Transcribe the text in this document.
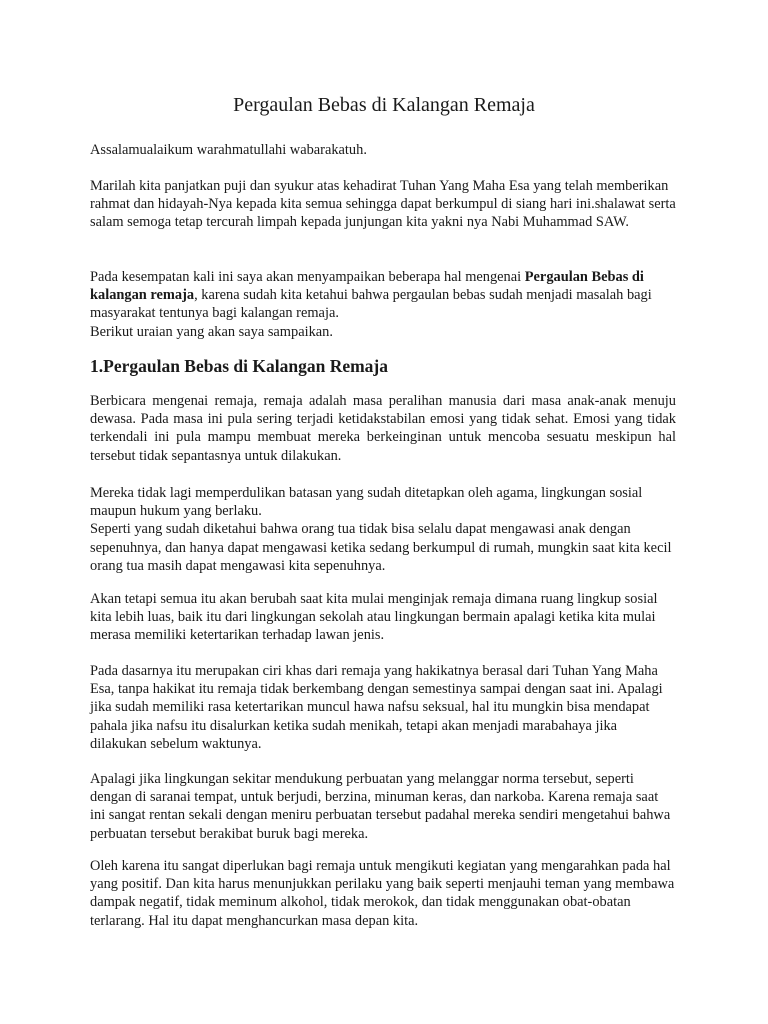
Pergaulan Bebas di Kalangan Remaja

Assalamualaikum warahmatullahi wabarakatuh.

Marilah kita panjatkan puji dan syukur atas kehadirat Tuhan Yang Maha Esa yang telah memberikan rahmat dan hidayah-Nya kepada kita semua sehingga dapat berkumpul di siang hari ini.shalawat serta salam semoga tetap tercurah limpah kepada junjungan kita yakni nya Nabi Muhammad SAW.

Pada kesempatan kali ini saya akan menyampaikan beberapa hal mengenai Pergaulan Bebas di kalangan remaja, karena sudah kita ketahui bahwa pergaulan bebas sudah menjadi masalah bagi masyarakat tentunya bagi kalangan remaja.
Berikut uraian yang akan saya sampaikan.

1.Pergaulan Bebas di Kalangan Remaja

Berbicara mengenai remaja, remaja adalah masa peralihan manusia dari masa anak-anak menuju dewasa. Pada masa ini pula sering terjadi ketidakstabilan emosi yang tidak sehat. Emosi yang tidak terkendali ini pula mampu membuat mereka berkeinginan untuk mencoba sesuatu meskipun hal tersebut tidak sepantasnya untuk dilakukan.

Mereka tidak lagi memperdulikan batasan yang sudah ditetapkan oleh agama, lingkungan sosial maupun hukum yang berlaku.
Seperti yang sudah diketahui bahwa orang tua tidak bisa selalu dapat mengawasi anak dengan sepenuhnya, dan hanya dapat mengawasi ketika sedang berkumpul di rumah, mungkin saat kita kecil orang tua masih dapat mengawasi kita sepenuhnya.

Akan tetapi semua itu akan berubah saat kita mulai menginjak remaja dimana ruang lingkup sosial kita lebih luas, baik itu dari lingkungan sekolah atau lingkungan bermain apalagi ketika kita mulai merasa memiliki ketertarikan terhadap lawan jenis.

Pada dasarnya itu merupakan ciri khas dari remaja yang hakikatnya berasal dari Tuhan Yang Maha Esa, tanpa hakikat itu remaja tidak berkembang dengan semestinya sampai dengan saat ini. Apalagi jika sudah memiliki rasa ketertarikan muncul hawa nafsu seksual, hal itu mungkin bisa mendapat pahala jika nafsu itu disalurkan ketika sudah menikah, tetapi akan menjadi marabahaya jika dilakukan sebelum waktunya.

Apalagi jika lingkungan sekitar mendukung perbuatan yang melanggar norma tersebut, seperti dengan di saranai tempat, untuk berjudi, berzina, minuman keras, dan narkoba. Karena remaja saat ini sangat rentan sekali dengan meniru perbuatan tersebut padahal mereka sendiri mengetahui bahwa perbuatan tersebut berakibat buruk bagi mereka.

Oleh karena itu sangat diperlukan bagi remaja untuk mengikuti kegiatan yang mengarahkan pada hal yang positif. Dan kita harus menunjukkan perilaku yang baik seperti menjauhi teman yang membawa dampak negatif, tidak meminum alkohol, tidak merokok, dan tidak menggunakan obat-obatan terlarang. Hal itu dapat menghancurkan masa depan kita.
